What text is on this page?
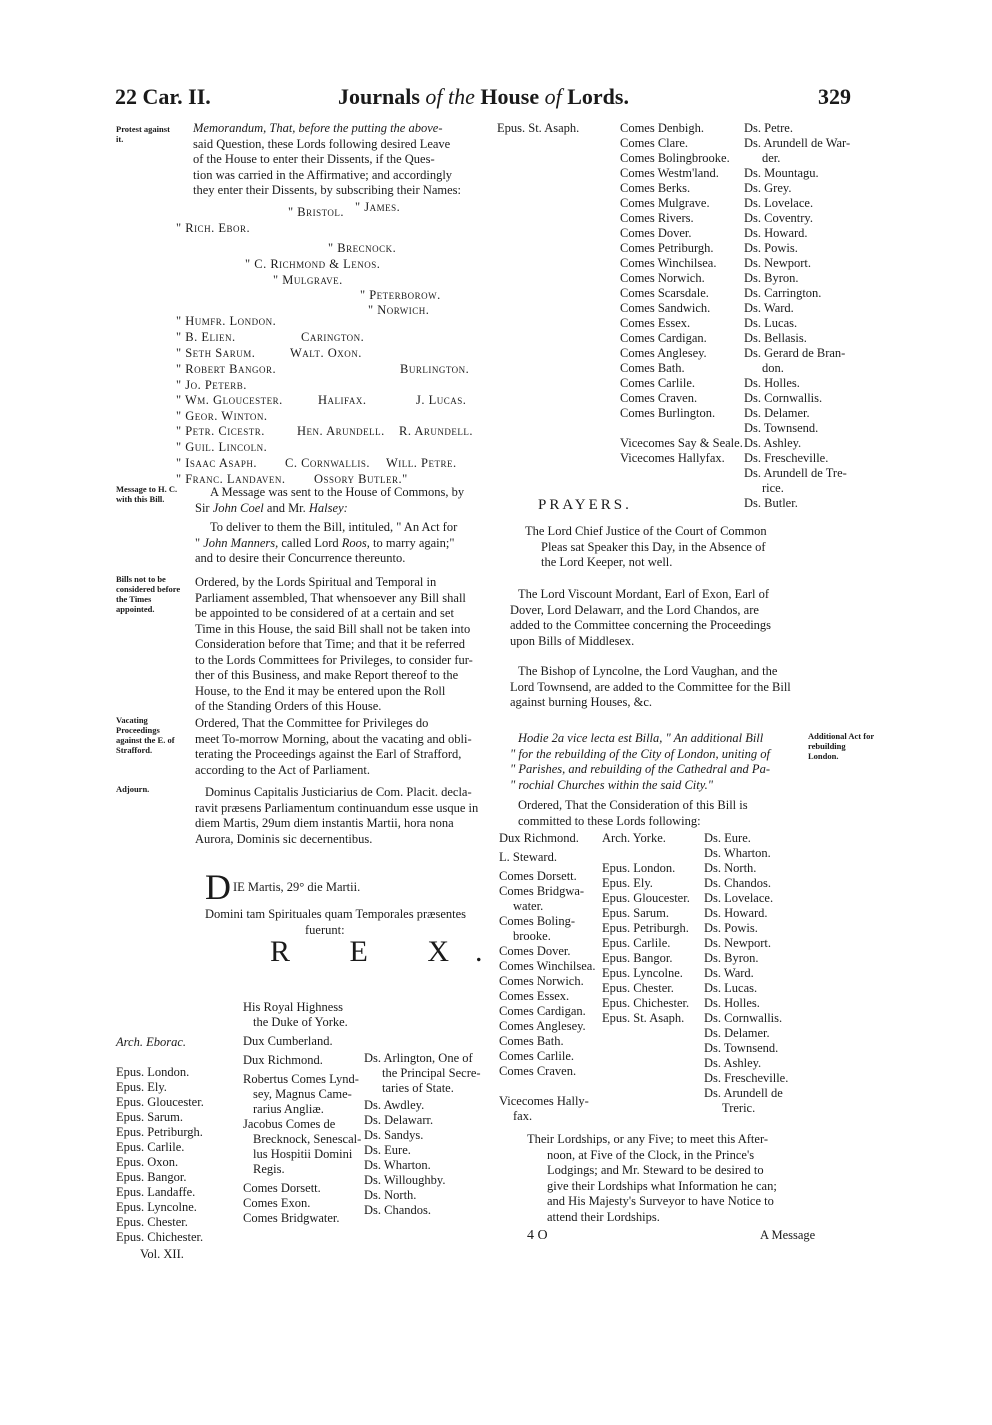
22 Car. II.	Journals of the House of Lords.	329
Protest against it.
Memorandum, That, before the putting the above-
said Question, these Lords following desired Leave
of the House to enter their Dissents, if the Ques-
tion was carried in the Affirmative; and accordingly
they enter their Dissents, by subscribing their Names:
" Bristol. " James.
" Rich. Ebor.
" Brecnock.
" C. Richmond & Lenos.
" Mulgrave.
" Peterborow.
" Norwich.
" Humfr. London.
" B. Elien.	Carington.
" Seth Sarum.	Walt. Oxon.
" Robert Bangor.	Burlington.
" Jo. Peterb.
" Wm. Gloucester.	Halifax.	J. Lucas.
" Geor. Winton.
" Petr. Cicestr.	Hen. Arundell. R. Arundell.
" Guil. Lincoln.
" Isaac Asaph. C. Cornwallis. Will. Petre.
" Franc. Landaven. Ossory Butler."
Message to H. C. with this Bill.	A Message was sent to the House of Commons, by
Sir John Coel and Mr. Halsey:
To deliver to them the Bill, intituled, " An Act for
" John Manners, called Lord Roos, to marry again;"
and to desire their Concurrence thereunto.
Bills not to be considered before the Times appointed.
Ordered, by the Lords Spiritual and Temporal in
Parliament assembled, That whensoever any Bill shall
be appointed to be considered of at a certain and set
Time in this House, the said Bill shall not be taken into
Consideration before that Time; and that it be referred
to the Lords Committees for Privileges, to consider fur-
ther of this Business, and make Report thereof to the
House, to the End it may be entered upon the Roll
of the Standing Orders of this House.
Vacating Proceedings against the E. of Strafford.
Ordered, That the Committee for Privileges do
meet To-morrow Morning, about the vacating and obli-
terating the Proceedings against the Earl of Strafford,
according to the Act of Parliament.
Adjourn.	Dominus Capitalis Justiciarius de Com. Placit. decla-
ravit præsens Parliamentum continuandum esse usque in
diem Martis, 29um diem instantis Martii, hora nona
Aurora, Dominis sic decernentibus.
DIE Martis, 29° die Martii.
Domini tam Spirituales quam Temporales præsentes
fuerunt:
R E X.
Arch. Eborac.

Epus. London.
Epus. Ely.
Epus. Gloucester.
Epus. Sarum.
Epus. Petriburgh.
Epus. Carlile.
Epus. Oxon.
Epus. Bangor.
Epus. Landaffe.
Epus. Lyncolne.
Epus. Chester.
Epus. Chichester.
His Royal Highness
the Duke of Yorke.
Dux Cumberland.
Dux Richmond.
Robertus Comes Lynd-
sey, Magnus Came-
rarius Angliæ.
Jacobus Comes de
Brecknock, Senescal-
lus Hospitii Domini
Regis.
Comes Dorsett.
Comes Exon.
Comes Bridgwater.
Ds. Arlington, One of
the Principal Secre-
taries of State.
Ds. Awdley.
Ds. Delawarr.
Ds. Sandys.
Ds. Eure.
Ds. Wharton.
Ds. Willoughby.
Ds. North.
Ds. Chandos.
Vol. XII.
Epus. St. Asaph.	Comes Denbigh.
Comes Clare.
Comes Bolingbrooke.
Comes Westm'land.
Comes Berks.
Comes Mulgrave.
Comes Rivers.
Comes Dover.
Comes Petriburgh.
Comes Winchilsea.
Comes Norwich.
Comes Scarsdale.
Comes Sandwich.
Comes Essex.
Comes Cardigan.
Comes Anglesey.
Comes Bath.
Comes Carlile.
Comes Craven.
Comes Burlington.

Vicecomes Say & Seale.
Vicecomes Hallyfax.
Ds. Petre.
Ds. Arundell de War-
der.
Ds. Mountagu.
Ds. Grey.
Ds. Lovelace.
Ds. Coventry.
Ds. Howard.
Ds. Powis.
Ds. Newport.
Ds. Byron.
Ds. Carrington.
Ds. Ward.
Ds. Lucas.
Ds. Bellasis.
Ds. Gerard de Bran-
don.
Ds. Holles.
Ds. Cornwallis.
Ds. Delamer.
Ds. Townsend.
Ds. Ashley.
Ds. Frescheville.
Ds. Arundell de Tre-
rice.
Ds. Butler.
PRAYERS.
The Lord Chief Justice of the Court of Common
Pleas sat Speaker this Day, in the Absence of
the Lord Keeper, not well.
The Lord Viscount Mordant, Earl of Exon, Earl of
Dover, Lord Delawarr, and the Lord Chandos, are
added to the Committee concerning the Proceedings
upon Bills of Middlesex.
The Bishop of Lyncolne, the Lord Vaughan, and the
Lord Townsend, are added to the Committee for the Bill
against burning Houses, &c.
Hodie 2a vice lecta est Billa, " An additional Bill
" for the rebuilding of the City of London, uniting of
" Parishes, and rebuilding of the Cathedral and Pa-
" rochial Churches within the said City."
Additional Act for rebuilding London.
Ordered, That the Consideration of this Bill is
committed to these Lords following:
Dux Richmond.
L. Steward.
Comes Dorsett.
Comes Bridgwa-
water.
Comes Boling-
brooke.
Comes Dover.
Comes Winchilsea.
Comes Norwich.
Comes Essex.
Comes Cardigan.
Comes Anglesey.
Comes Bath.
Comes Carlile.
Comes Craven.

Vicecomes Hally-
fax.
Arch. Yorke.

Epus. London.
Epus. Ely.
Epus. Gloucester.
Epus. Sarum.
Epus. Petriburgh.
Epus. Carlile.
Epus. Bangor.
Epus. Lyncolne.
Epus. Chester.
Epus. Chichester.
Epus. St. Asaph.
Ds. Eure.
Ds. Wharton.
Ds. North.
Ds. Chandos.
Ds. Lovelace.
Ds. Howard.
Ds. Powis.
Ds. Newport.
Ds. Byron.
Ds. Ward.
Ds. Lucas.
Ds. Holles.
Ds. Cornwallis.
Ds. Delamer.
Ds. Townsend.
Ds. Ashley.
Ds. Frescheville.
Ds. Arundell de
Treric.
Their Lordships, or any Five; to meet this After-
noon, at Five of the Clock, in the Prince's
Lodgings; and Mr. Steward to be desired to
give their Lordships what Information he can;
and His Majesty's Surveyor to have Notice to
attend their Lordships.
4 O	A Message
